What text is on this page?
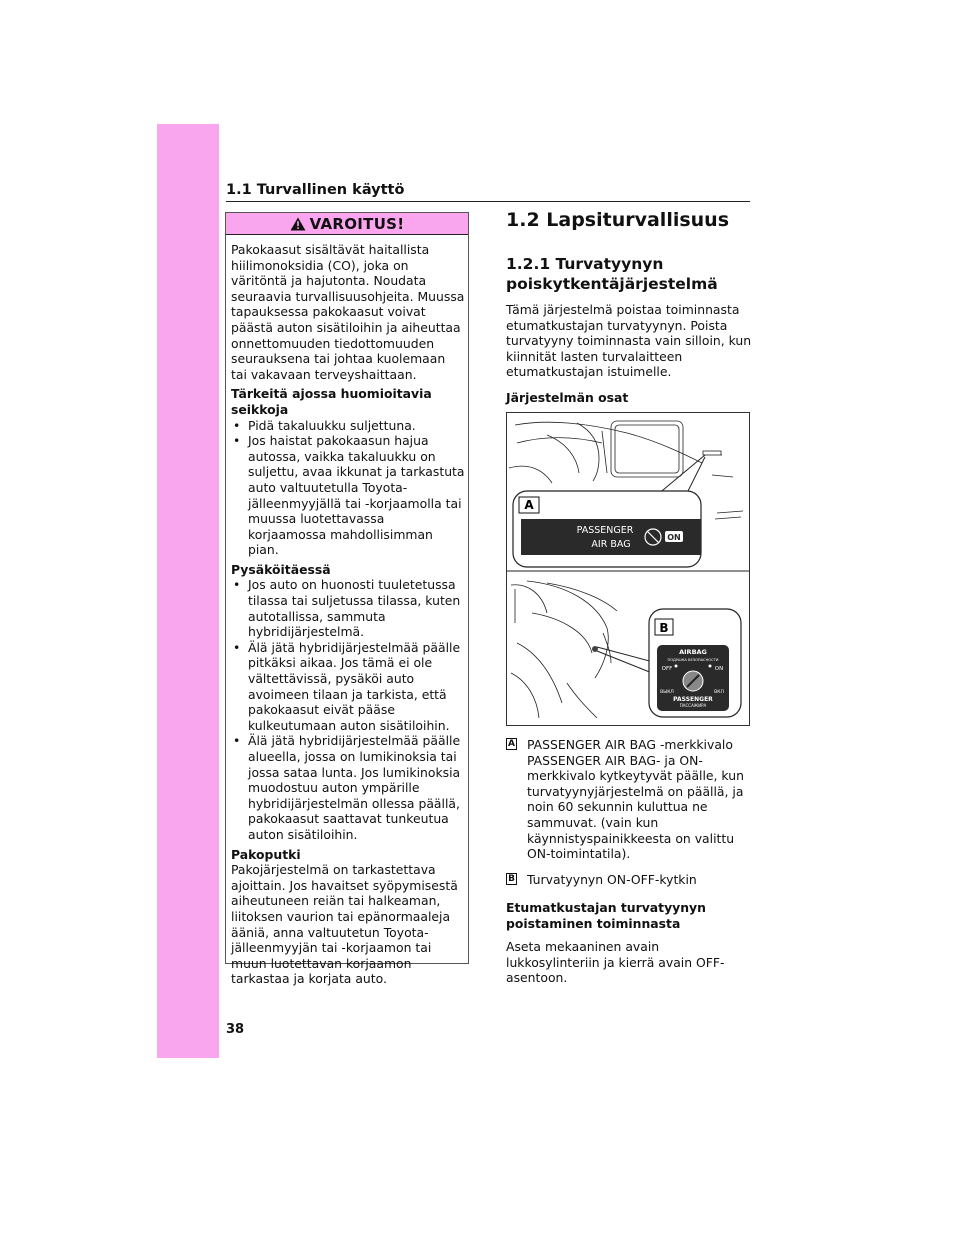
1.1 Turvallinen käyttö
VAROITUS!

Pakokaasut sisältävät haitallista hiilimonoksidia (CO), joka on väritöntä ja hajutonta. Noudata seuraavia turvallisuusohjeita. Muussa tapauksessa pakokaasut voivat päästä auton sisätiloihin ja aiheuttaa onnettomuuden tiedottomuuden seurauksena tai johtaa kuolemaan tai vakavaan terveyshaittaan.

Tärkeitä ajossa huomioitavia seikkoja
• Pidä takaluukku suljettuna.
• Jos haistat pakokaasun hajua autossa, vaikka takaluukku on suljettu, avaa ikkunat ja tarkastuta auto valtuutetulla Toyota-jälleenmyyjällä tai -korjaamolla tai muussa luotettavassa korjaamossa mahdollisimman pian.
Pysäköitäessä
• Jos auto on huonosti tuuletetussa tilassa tai suljetussa tilassa, kuten autotallissa, sammuta hybridijärjestelmä.
• Älä jätä hybridijärjestelmää päälle pitkäksi aikaa. Jos tämä ei ole vältettävissä, pysäköi auto avoimeen tilaan ja tarkista, että pakokaasut eivät pääse kulkeutumaan auton sisätiloihin.
• Älä jätä hybridijärjestelmää päälle alueella, jossa on lumikinoksia tai jossa sataa lunta. Jos lumikinoksia muodostuu auton ympärille hybridijärjestelmän ollessa päällä, pakokaasut saattavat tunkeutua auton sisätiloihin.
Pakoputki

Pakojärjestelmä on tarkastettava ajoittain. Jos havaitset syöpymisestä aiheutuneen reiän tai halkeaman, liitoksen vaurion tai epänormaaleja ääniä, anna valtuutetun Toyota-jälleenmyyjän tai -korjaamon tai muun luotettavan korjaamon tarkastaa ja korjata auto.

1.2 Lapsiturvallisuus
1.2.1 Turvatyynyn poiskytkentäjärjestelmä
Tämä järjestelmä poistaa toiminnasta etumatkustajan turvatyynyn. Poista turvatyyny toiminnasta vain silloin, kun kiinnität lasten turvalaitteen etumatkustajan istuimelle.
Järjestelmän osat
A
PASSENGER
AIR BAG
ON
B
AIRBAG
ПОДУШКА БЕЗОПАСНОСТИ
OFF	ON
ВЫКЛ	ВКЛ
PASSENGER
ПАССАЖИРА
A PASSENGER AIR BAG -merkkivalo PASSENGER AIR BAG- ja ON-merkkivalo kytkeytyvät päälle, kun turvatyynyjärjestelmä on päällä, ja noin 60 sekunnin kuluttua ne sammuvat. (vain kun käynnistyspainikkeesta on valittu ON-toimintatila).
B Turvatyynyn ON-OFF-kytkin
Etumatkustajan turvatyynyn poistaminen toiminnasta
Aseta mekaaninen avain lukkosylinteriin ja kierrä avain OFF-asentoon.
38
